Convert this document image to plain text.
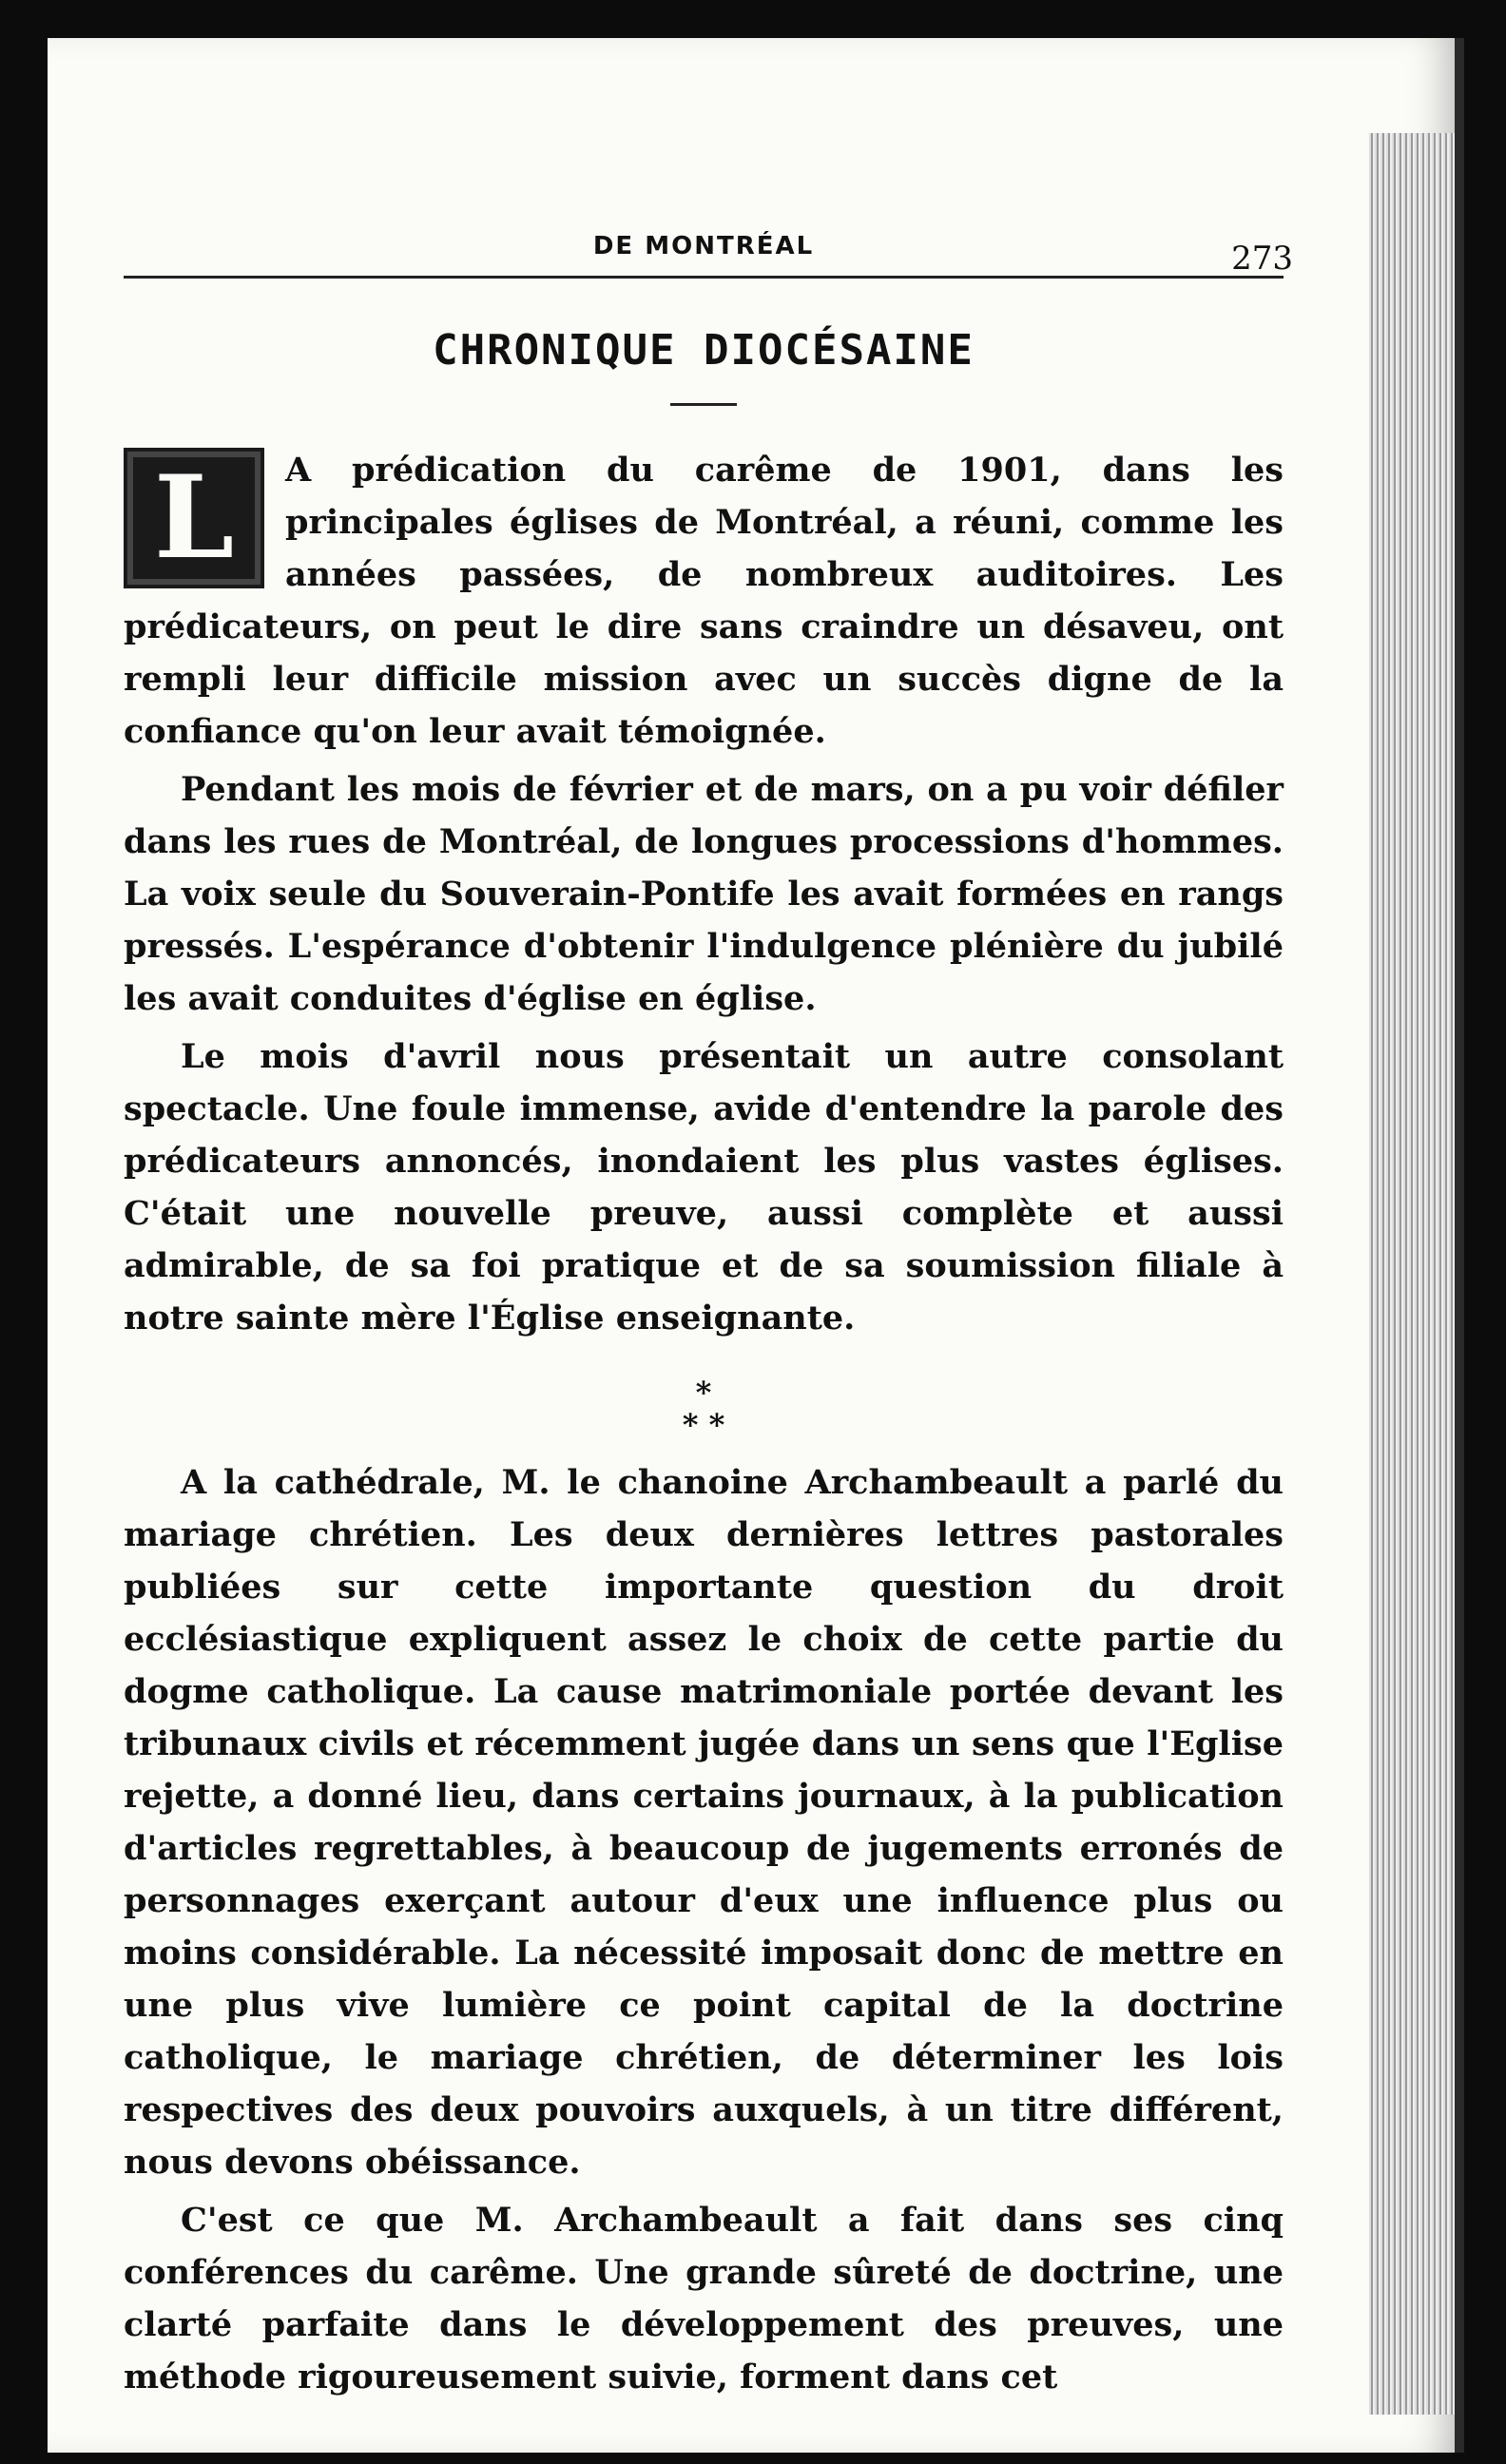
DE MONTRÉAL	273
CHRONIQUE DIOCÉSAINE

L	A prédication du carême de 1901, dans les principales églises de Montréal, a réuni, comme les années passées, de nombreux auditoires. Les prédicateurs, on peut le dire sans craindre un désaveu, ont rempli leur difficile mission avec un succès digne de la confiance qu'on leur avait témoignée.

Pendant les mois de février et de mars, on a pu voir défiler dans les rues de Montréal, de longues processions d'hommes. La voix seule du Souverain-Pontife les avait formées en rangs pressés. L'espérance d'obtenir l'indulgence plénière du jubilé les avait conduites d'église en église.

Le mois d'avril nous présentait un autre consolant spectacle. Une foule immense, avide d'entendre la parole des prédicateurs annoncés, inondaient les plus vastes églises. C'était une nouvelle preuve, aussi complète et aussi admirable, de sa foi pratique et de sa soumission filiale à notre sainte mère l'Église enseignante.

*
* *

A la cathédrale, M. le chanoine Archambeault a parlé du mariage chrétien. Les deux dernières lettres pastorales publiées sur cette importante question du droit ecclésiastique expliquent assez le choix de cette partie du dogme catholique. La cause matrimoniale portée devant les tribunaux civils et récemment jugée dans un sens que l'Eglise rejette, a donné lieu, dans certains journaux, à la publication d'articles regrettables, à beaucoup de jugements erronés de personnages exerçant autour d'eux une influence plus ou moins considérable. La nécessité imposait donc de mettre en une plus vive lumière ce point capital de la doctrine catholique, le mariage chrétien, de déterminer les lois respectives des deux pouvoirs auxquels, à un titre différent, nous devons obéissance.

C'est ce que M. Archambeault a fait dans ses cinq conférences du carême. Une grande sûreté de doctrine, une clarté parfaite dans le développement des preuves, une méthode rigoureusement suivie, forment dans cet
